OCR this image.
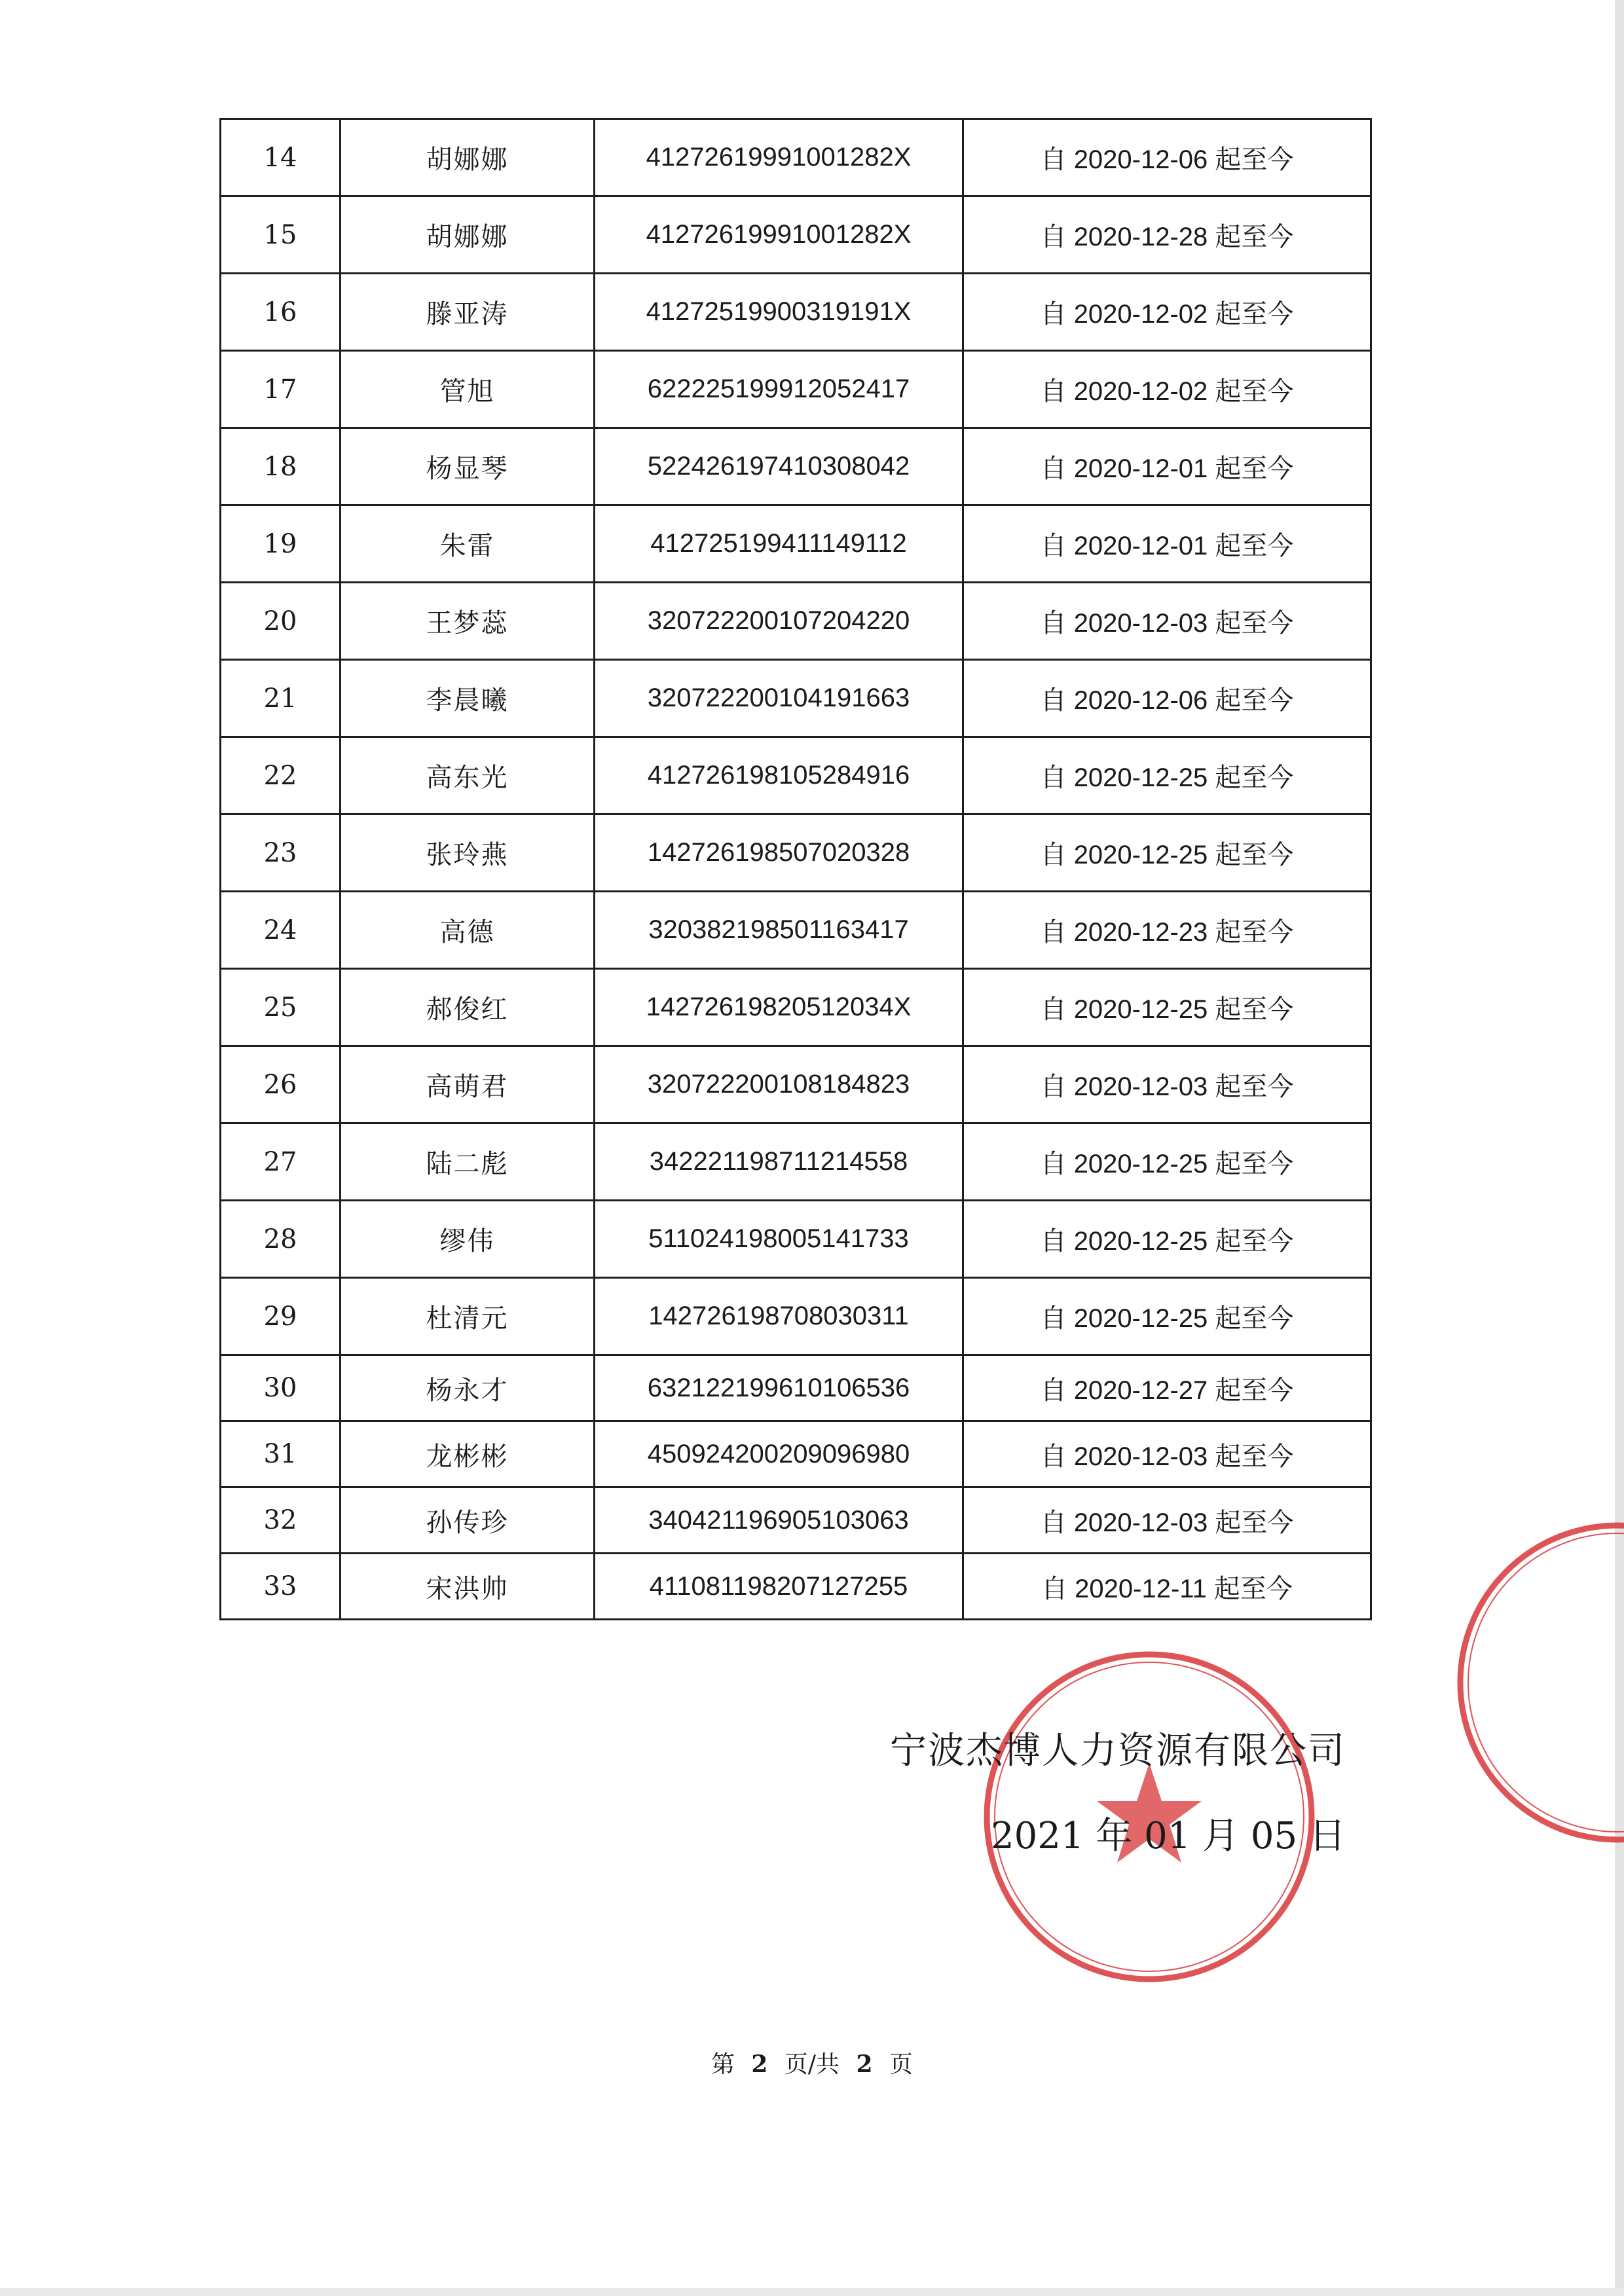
14	胡娜娜	41272619991001282X	自 2020-12-06 起至今
15	胡娜娜	41272619991001282X	自 2020-12-28 起至今
16	滕亚涛	41272519900319191X	自 2020-12-02 起至今
17	管旭	622225199912052417	自 2020-12-02 起至今
18	杨显琴	522426197410308042	自 2020-12-01 起至今
19	朱雷	412725199411149112	自 2020-12-01 起至今
20	王梦蕊	320722200107204220	自 2020-12-03 起至今
21	李晨曦	320722200104191663	自 2020-12-06 起至今
22	高东光	412726198105284916	自 2020-12-25 起至今
23	张玲燕	142726198507020328	自 2020-12-25 起至今
24	高德	320382198501163417	自 2020-12-23 起至今
25	郝俊红	14272619820512034X	自 2020-12-25 起至今
26	高萌君	320722200108184823	自 2020-12-03 起至今
27	陆二彪	342221198711214558	自 2020-12-25 起至今
28	缪伟	511024198005141733	自 2020-12-25 起至今
29	杜清元	142726198708030311	自 2020-12-25 起至今
30	杨永才	632122199610106536	自 2020-12-27 起至今
31	龙彬彬	450924200209096980	自 2020-12-03 起至今
32	孙传珍	340421196905103063	自 2020-12-03 起至今
33	宋洪帅	411081198207127255	自 2020-12-11 起至今
宁波杰博人力资源有限公司
2021 年 01 月 05 日
第 2 页/共 2 页
